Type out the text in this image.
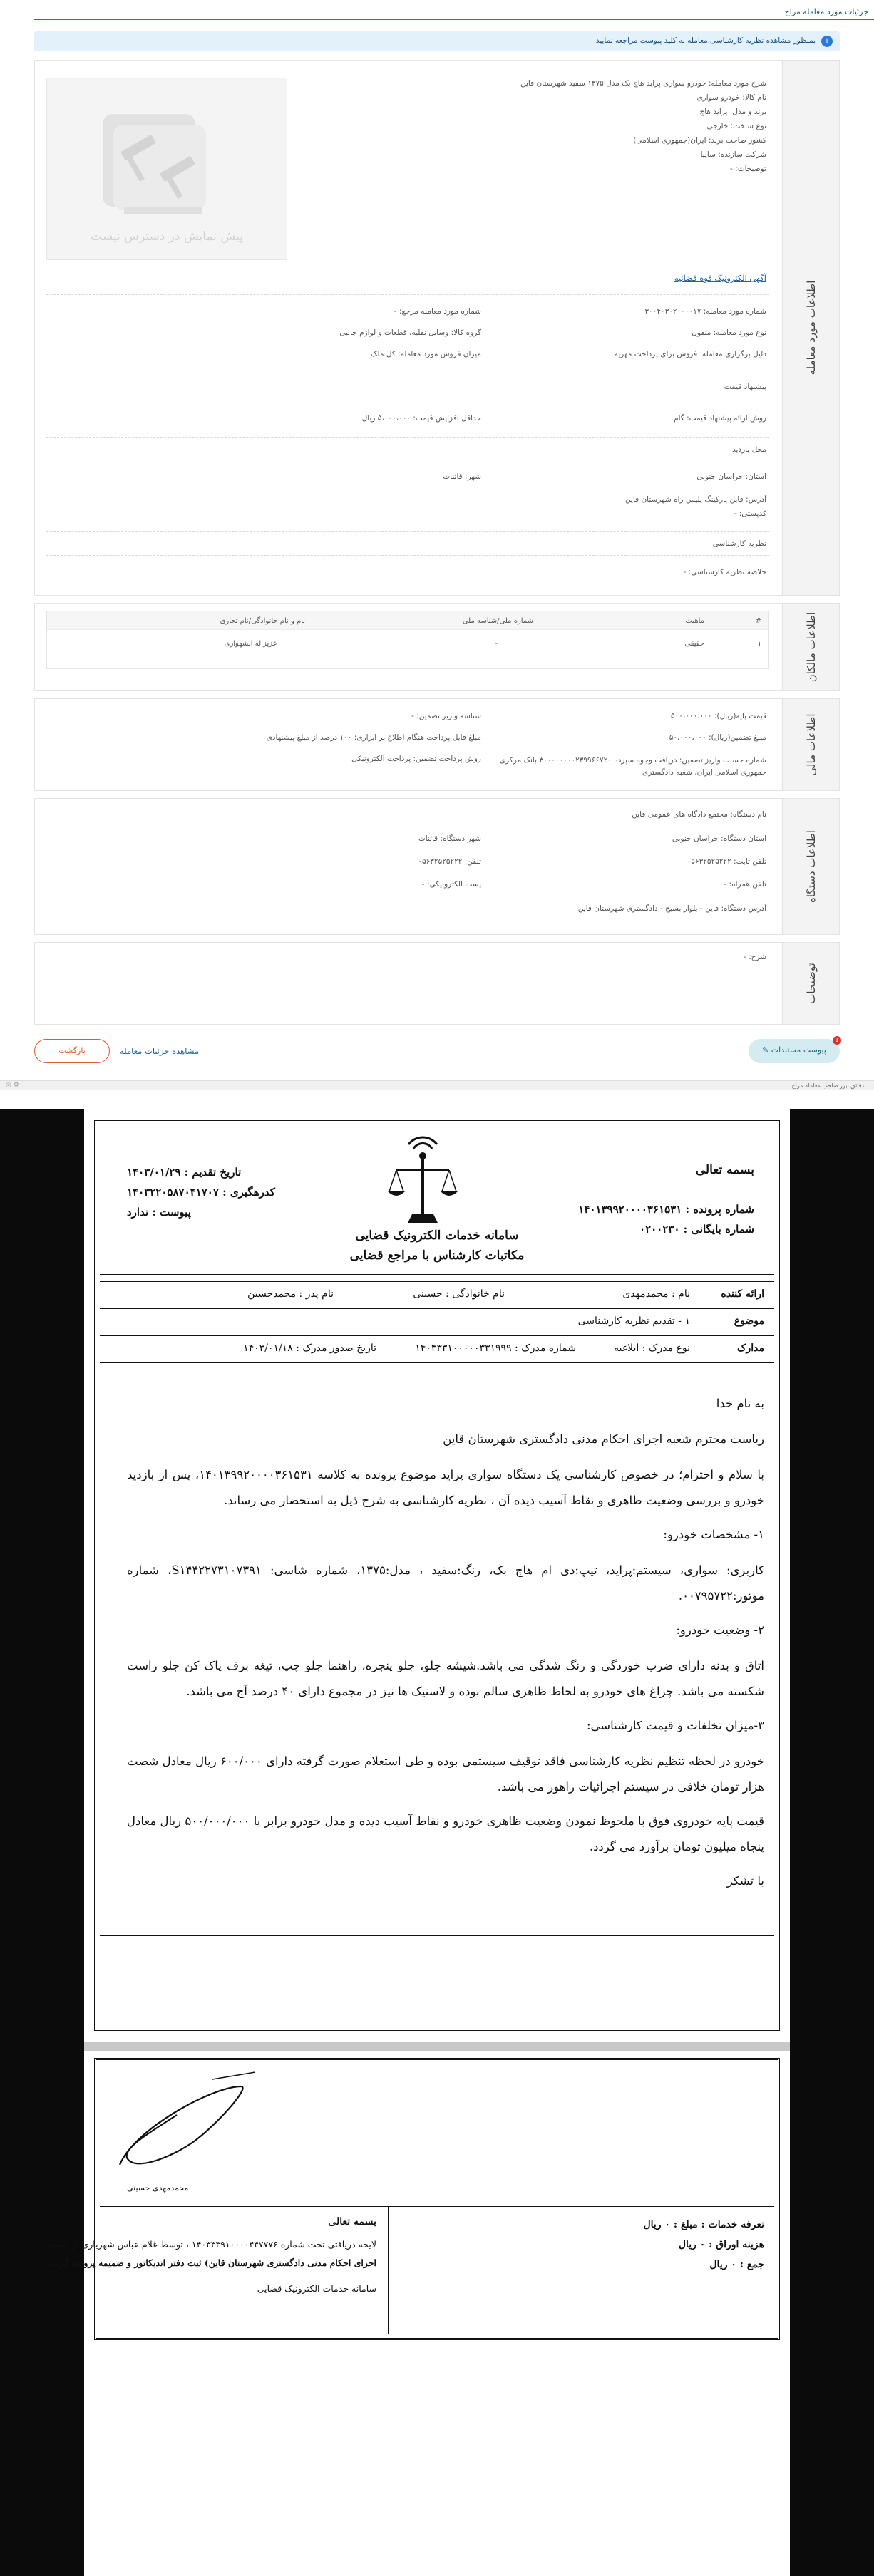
جزئیات مورد معامله مزاج
i
بمنظور مشاهده نظریه کارشناسی معامله به کلید پیوست مراجعه نمایید
اطلاعات مورد معامله
پیش نمایش در دسترس نیست
شرح مورد معامله: خودرو سواری پراید هاچ بک مدل ۱۳۷۵ سفید شهرستان قاین
نام کالا: خودرو سواری
برند و مدل: پراید هاچ
نوع ساخت: خارجی
کشور صاحب برند: ایران(جمهوری اسلامی)
شرکت سازنده: سایپا
توضیحات: -
آگهی الکترونیک قوه قضائیه
شماره مورد معامله: ۳۰۰۴۰۳۰۲۰۰۰۰۱۷
شماره مورد معامله مرجع: -
نوع مورد معامله: منقول
گروه کالا: وسایل نقلیه، قطعات و لوازم جانبی
دلیل برگزاری معامله: فروش برای پرداخت مهریه
میزان فروش مورد معامله: کل ملک
پیشنهاد قیمت
روش ارائه پیشنهاد قیمت: گام
حداقل افزایش قیمت: ۵،۰۰۰،۰۰۰ ریال
محل بازدید
استان: خراسان جنوبی
شهر: قائنات
آدرس: قاین پارکینگ پلیس راه شهرستان قاین
کدپستی: -
نظریه کارشناسی
خلاصه نظریه کارشناسی: -
اطلاعات مالکان
#
ماهیت
شماره ملی/شناسه ملی
نام و نام خانوادگی/نام تجاری
۱
حقیقی
-
غزیزاله الشهواری
اطلاعات مالی
قیمت پایه(ریال): ۵۰۰،۰۰۰،۰۰۰
شناسه واریز تضمین: -
مبلغ تضمین(ریال): ۵۰،۰۰۰،۰۰۰
مبلغ قابل پرداخت هنگام اطلاع بر ابزاری: ۱۰۰ درصد از مبلغ پیشنهادی
شماره حساب واریز تضمین: دریافت وجوه سپرده ۳۰۰۰۰۰۰۰۰۲۳۹۹۶۶۷۲۰ بانک مرکزی جمهوری اسلامی ایران، شعبه دادگستری
روش پرداخت تضمین: پرداخت الکترونیکی
اطلاعات دستگاه
نام دستگاه: مجتمع دادگاه های عمومی قاین
استان دستگاه: خراسان جنوبی
شهر دستگاه: قائنات
تلفن ثابت: ۰۵۶۳۲۵۲۵۲۲۲
تلفن: ۰۵۶۳۲۵۲۵۲۲۲
تلفن همراه: -
پست الکترونیکی: -
آدرس دستگاه: قاین - بلوار بسیج - دادگستری شهرستان قاین
توضیحات
شرح: -
پیوست مستندات ✎
1
مشاهده جزئیات معامله
بازگشت
دقائق ابزر صاحب معامله مزاج
⚙ ◎
بسمه تعالی
شماره پرونده : ۱۴۰۱۳۹۹۲۰۰۰۰۳۶۱۵۳۱
شماره بایگانی : ۰۲۰۰۲۳۰
سامانه خدمات الکترونیک قضایی
مکاتبات کارشناس با مراجع قضایی
تاریخ تقدیم : ۱۴۰۳/۰۱/۲۹
کدرهگیری : ۱۴۰۳۲۲۰۵۸۷۰۴۱۷۰۷
پیوست : ندارد
ارائه کننده
نام : محمدمهدی
نام خانوادگی : حسینی
نام پدر : محمدحسین
موضوع
۱ - تقدیم نظریه کارشناسی
مدارک
نوع مدرک : ابلاغیه
شماره مدرک : ۱۴۰۳۳۳۱۰۰۰۰۰۳۳۱۹۹۹
تاریخ صدور مدرک : ۱۴۰۳/۰۱/۱۸
به نام خدا
ریاست محترم شعبه اجرای احکام مدنی دادگستری شهرستان قاین
با سلام و احترام؛ در خصوص کارشناسی یک دستگاه سواری پراید موضوع پرونده به کلاسه ۱۴۰۱۳۹۹۲۰۰۰۰۳۶۱۵۳۱، پس از بازدید خودرو و بررسی وضعیت ظاهری و نقاط آسیب دیده آن ، نظریه کارشناسی به شرح ذیل به استحضار می رساند.
۱- مشخصات خودرو:
کاربری: سواری، سیستم:پراید، تیپ:دی ام هاچ بک، رنگ:سفید ، مدل:۱۳۷۵، شماره شاسی: S۱۴۴۲۲۷۳۱۰۷۳۹۱، شماره موتور:۰۰۷۹۵۷۲۲.
۲- وضعیت خودرو:
اتاق و بدنه دارای ضرب خوردگی و رنگ شدگی می باشد.شیشه جلو، جلو پنجره، راهنما جلو چپ، تیغه برف پاک کن جلو راست شکسته می باشد. چراغ های خودرو به لحاظ ظاهری سالم بوده و لاستیک ها نیز در مجموع دارای ۴۰ درصد آج می باشد.
۳-میزان تخلفات و قیمت کارشناسی:
خودرو در لحظه تنظیم نظریه کارشناسی فاقد توقیف سیستمی بوده و طی استعلام صورت گرفته دارای ۶۰۰/۰۰۰ ریال معادل شصت هزار تومان خلافی در سیستم اجرائیات راهور می باشد.
قیمت پایه خودروی فوق با ملحوظ نمودن وضعیت ظاهری خودرو و نقاط آسیب دیده و مدل خودرو برابر با ۵۰۰/۰۰۰/۰۰۰ ریال معادل پنجاه میلیون تومان برآورد می گردد.
با تشکر
محمدمهدی حسینی
تعرفه خدمات : مبلغ : ۰ ریال
هزینه اوراق : ۰ ریال
جمع : ۰ ریال
بسمه تعالی
لایحه دریافتی تحت شماره ۱۴۰۳۳۳۹۱۰۰۰۰۴۴۷۷۷۶ ، توسط غلام عباس شهریاری از (شعبه
اجرای احکام مدنی دادگستری شهرستان قاین) ثبت دفتر اندیکاتور و ضمیمه پرونده گردید.
سامانه خدمات الکترونیک قضایی
